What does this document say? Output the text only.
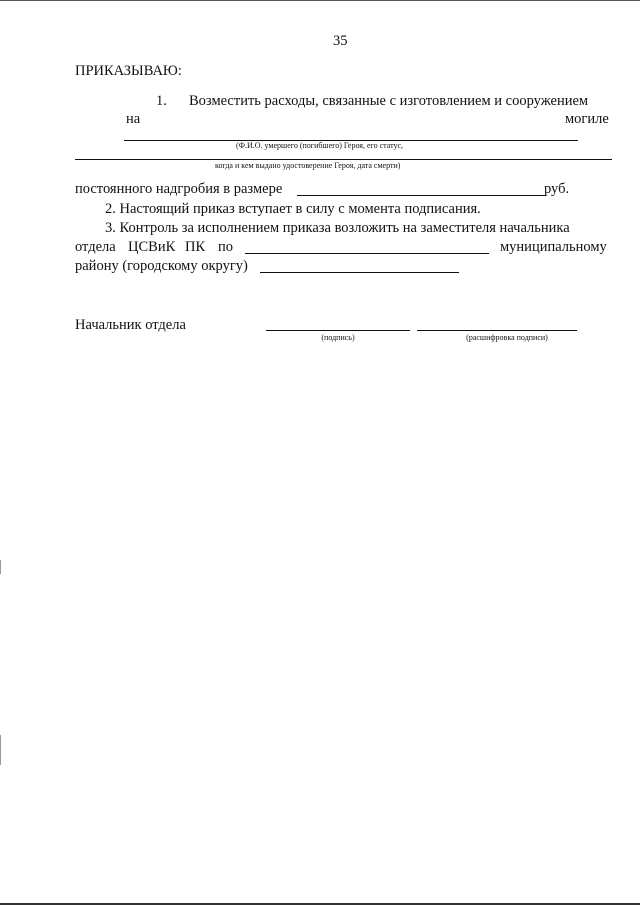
35
ПРИКАЗЫВАЮ:
1. Возместить расходы, связанные с изготовлением и сооружением
на	могиле
(Ф.И.О. умершего (погибшего) Героя, его статус,
когда и кем выдано удостоверение Героя, дата смерти)
постоянного надгробия в размере	руб.
2. Настоящий приказ вступает в силу с момента подписания.
3. Контроль за исполнением приказа возложить на заместителя начальника
отдела ЦСВиК ПК по	муниципальному
району (городскому округу)
Начальник отдела
(подпись)	(расшифровка подписи)
